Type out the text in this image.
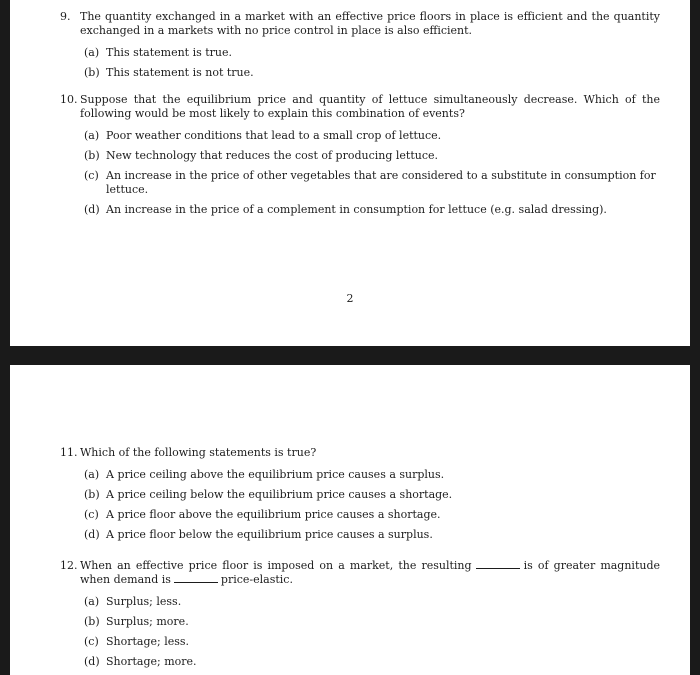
9. The quantity exchanged in a market with an effective price floors in place is efficient and the quantity exchanged in a markets with no price control in place is also efficient.
(a) This statement is true.
(b) This statement is not true.
10. Suppose that the equilibrium price and quantity of lettuce simultaneously decrease. Which of the following would be most likely to explain this combination of events?
(a) Poor weather conditions that lead to a small crop of lettuce.
(b) New technology that reduces the cost of producing lettuce.
(c) An increase in the price of other vegetables that are considered to a substitute in consumption for lettuce.
(d) An increase in the price of a complement in consumption for lettuce (e.g. salad dressing).
2
11. Which of the following statements is true?
(a) A price ceiling above the equilibrium price causes a surplus.
(b) A price ceiling below the equilibrium price causes a shortage.
(c) A price floor above the equilibrium price causes a shortage.
(d) A price floor below the equilibrium price causes a surplus.
12. When an effective price floor is imposed on a market, the resulting	is of greater magnitude when demand is	price-elastic.
(a) Surplus; less.
(b) Surplus; more.
(c) Shortage; less.
(d) Shortage; more.
